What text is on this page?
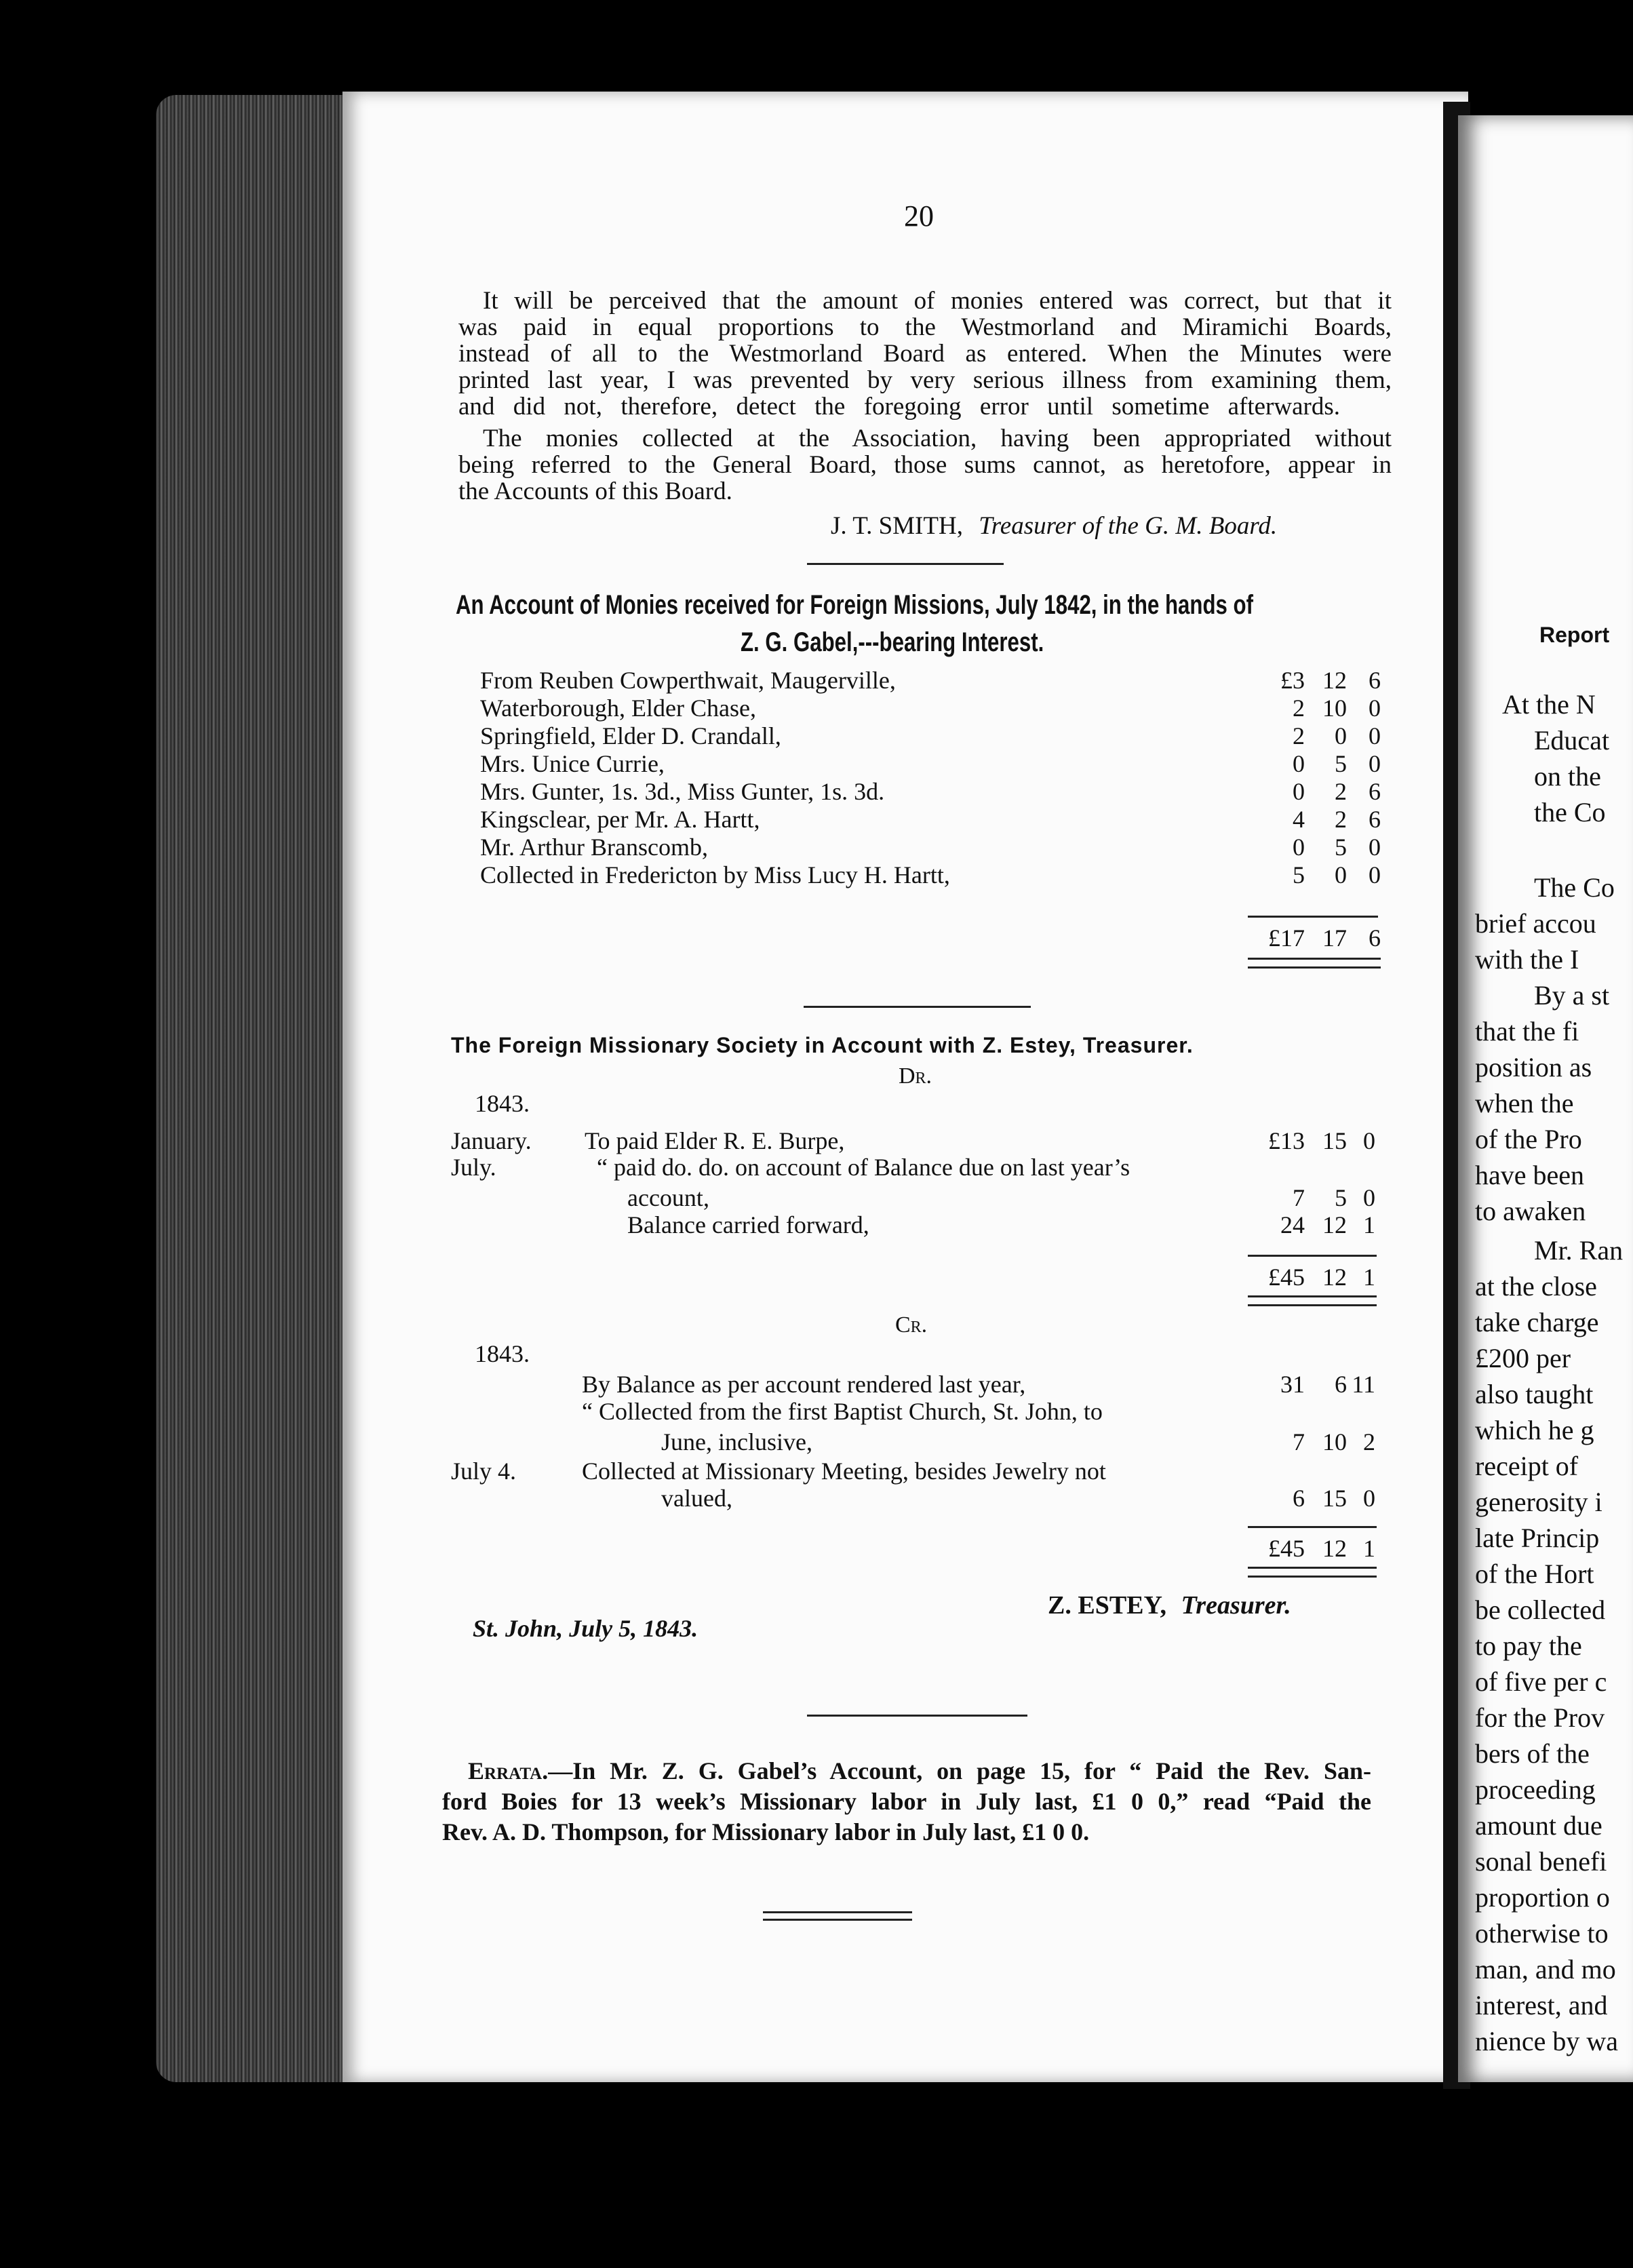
20
It will be perceived that the amount of monies entered was correct, but that it
was paid in equal proportions to the Westmorland and Miramichi Boards,
instead of all to the Westmorland Board as entered. When the Minutes were
printed last year, I was prevented by very serious illness from examining them,
and did not, therefore, detect the foregoing error until sometime afterwards.
The monies collected at the Association, having been appropriated without
being referred to the General Board, those sums cannot, as heretofore, appear in
the Accounts of this Board.
J. T. SMITH, Treasurer of the G. M. Board.
An Account of Monies received for Foreign Missions, July 1842, in the hands of
Z. G. Gabel,---bearing Interest.
From Reuben Cowperthwait, Maugerville,	£3 12 6
Waterborough, Elder Chase,	2 10 0
Springfield, Elder D. Crandall,	2	0 0
Mrs. Unice Currie,	0	5 0
Mrs. Gunter, 1s. 3d., Miss Gunter, 1s. 3d.	0	2 6
Kingsclear, per Mr. A. Hartt,	4	2 6
Mr. Arthur Branscomb,	0	5 0
Collected in Fredericton by Miss Lucy H. Hartt,	5	0 0
£17 17 6
The Foreign Missionary Society in Account with Z. Estey, Treasurer.
Dr.
1843.
January. To paid Elder R. E. Burpe,	£13 15 0
July.	“ paid do. do. on account of Balance due on last year’s
account,	7	5 0
Balance carried forward,	24 12 1
£45 12 1
Cr.
1843.
By Balance as per account rendered last year,	31	6 11
“ Collected from the first Baptist Church, St. John, to
June, inclusive,	7 10 2
July 4.	Collected at Missionary Meeting, besides Jewelry not
valued,	6 15 0
£45 12 1
Z. ESTEY, Treasurer.
St. John, July 5, 1843.
Errata.—In Mr. Z. G. Gabel’s Account, on page 15, for “ Paid the Rev. San-
ford Boies for 13 week’s Missionary labor in July last, £1 0 0,” read “Paid the
Rev. A. D. Thompson, for Missionary labor in July last, £1 0 0.
Report
At the N
Educat
on the
the Co
The Co
brief accou
with the I
By a st
that the fi
position as
when the
of the Pro
have been
to awaken
Mr. Ran
at the close
take charge
£200 per
also taught
which he g
receipt of
generosity i
late Princip
of the Hort
be collected
to pay the
of five per c
for the Prov
bers of the
proceeding
amount due
sonal benefi
proportion o
otherwise to
man, and mo
interest, and
nience by wa
